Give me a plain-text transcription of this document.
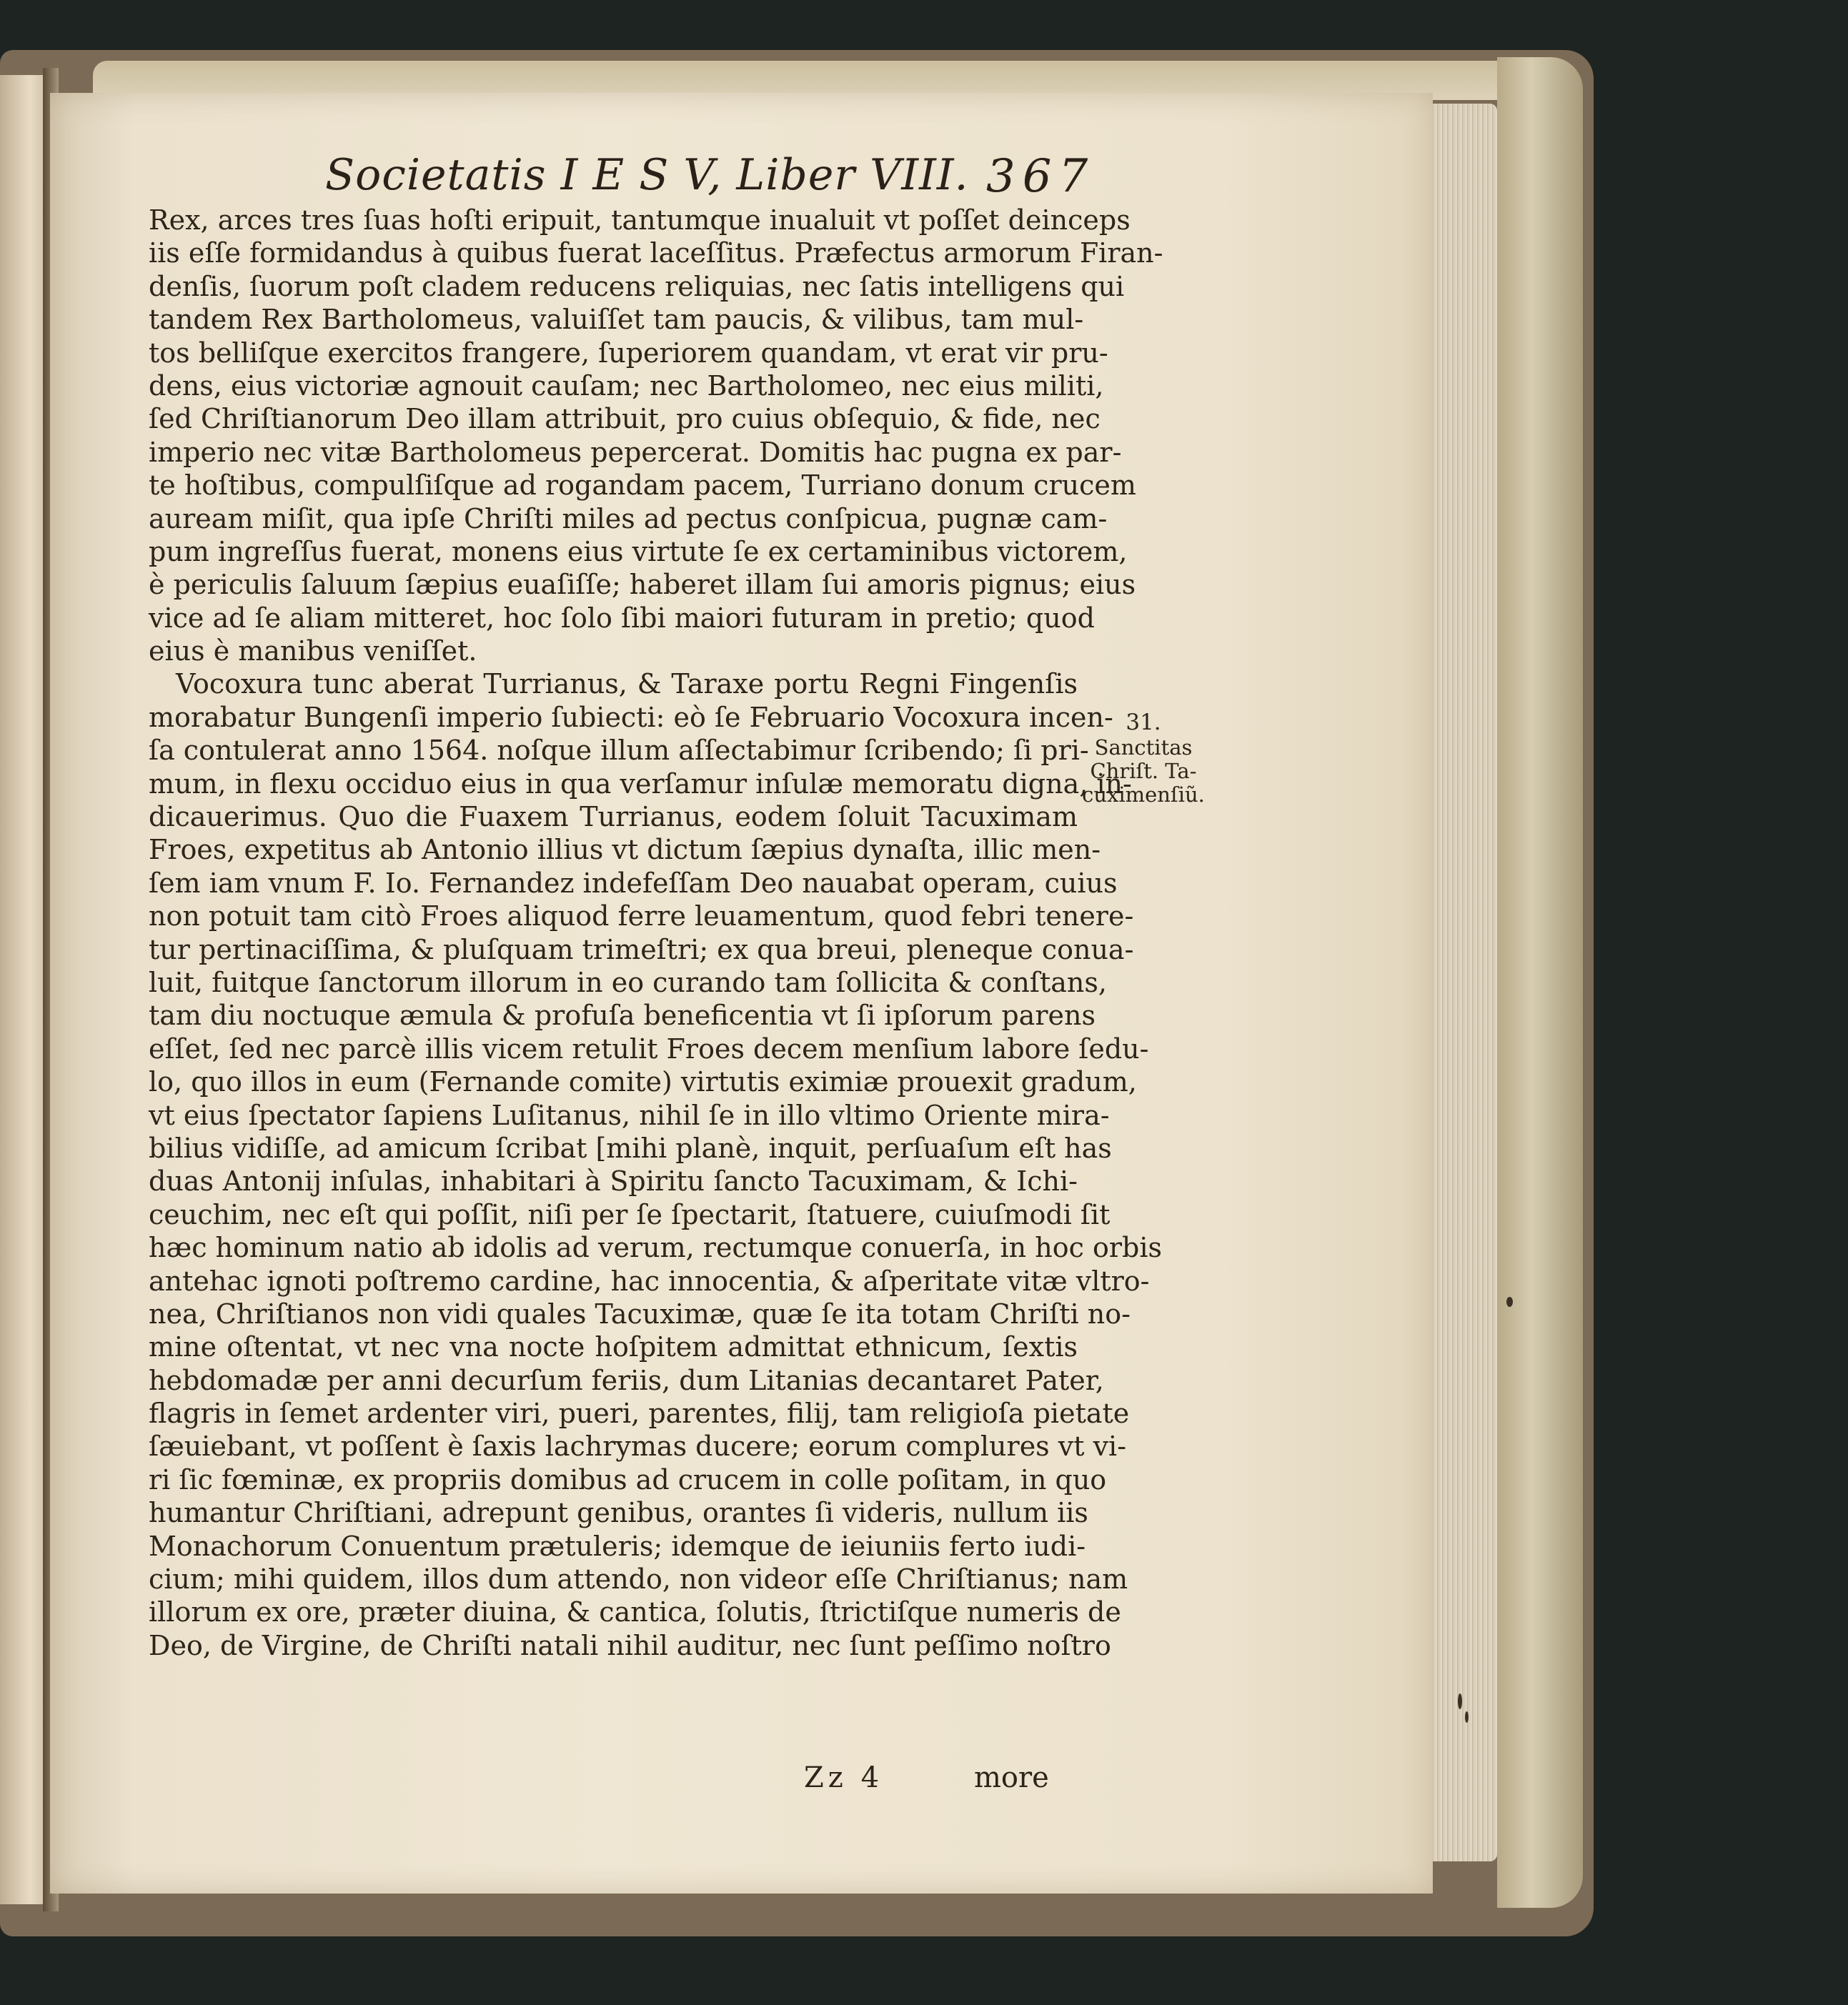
Societatis I E S V, Liber VIII. 367
Rex, arces tres ſuas hoſti eripuit, tantumque inualuit vt poſſet deinceps
iis eſſe formidandus à quibus fuerat laceſſitus. Præfectus armorum Firan-
denſis, ſuorum poſt cladem reducens reliquias, nec ſatis intelligens qui
tandem Rex Bartholomeus, valuiſſet tam paucis, & vilibus, tam mul-
tos belliſque exercitos frangere, ſuperiorem quandam, vt erat vir pru-
dens, eius victoriæ agnouit cauſam; nec Bartholomeo, nec eius militi,
ſed Chriſtianorum Deo illam attribuit, pro cuius obſequio, & fide, nec
imperio nec vitæ Bartholomeus pepercerat. Domitis hac pugna ex par-
te hoſtibus, compulſiſque ad rogandam pacem, Turriano donum crucem
auream miſit, qua ipſe Chriſti miles ad pectus conſpicua, pugnæ cam-
pum ingreſſus fuerat, monens eius virtute ſe ex certaminibus victorem,
è periculis ſaluum ſæpius euaſiſſe; haberet illam ſui amoris pignus; eius
vice ad ſe aliam mitteret, hoc ſolo ſibi maiori futuram in pretio; quod
eius è manibus veniſſet.
Vocoxura tunc aberat Turrianus, & Taraxe portu Regni Fingenſis
morabatur Bungenſi imperio ſubiecti: eò ſe Februario Vocoxura incen-
ſa contulerat anno 1564. noſque illum aſſectabimur ſcribendo; ſi pri-
mum, in flexu occiduo eius in qua verſamur inſulæ memoratu digna, in-
dicauerimus. Quo die Fuaxem Turrianus, eodem ſoluit Tacuximam
Froes, expetitus ab Antonio illius vt dictum ſæpius dynaſta, illic men-
ſem iam vnum F. Io. Fernandez indefeſſam Deo nauabat operam, cuius
non potuit tam citò Froes aliquod ferre leuamentum, quod febri tenere-
tur pertinaciſſima, & pluſquam trimeſtri; ex qua breui, pleneque conua-
luit, fuitque ſanctorum illorum in eo curando tam ſollicita & conſtans,
tam diu noctuque æmula & profuſa beneficentia vt ſi ipſorum parens
eſſet, ſed nec parcè illis vicem retulit Froes decem menſium labore ſedu-
lo, quo illos in eum (Fernande comite) virtutis eximiæ prouexit gradum,
vt eius ſpectator ſapiens Luſitanus, nihil ſe in illo vltimo Oriente mira-
bilius vidiſſe, ad amicum ſcribat [mihi planè, inquit, perſuaſum eſt has
duas Antonij inſulas, inhabitari à Spiritu ſancto Tacuximam, & Ichi-
ceuchim, nec eſt qui poſſit, niſi per ſe ſpectarit, ſtatuere, cuiuſmodi ſit
hæc hominum natio ab idolis ad verum, rectumque conuerſa, in hoc orbis
antehac ignoti poſtremo cardine, hac innocentia, & aſperitate vitæ vltro-
nea, Chriſtianos non vidi quales Tacuximæ, quæ ſe ita totam Chriſti no-
mine oſtentat, vt nec vna nocte hoſpitem admittat ethnicum, ſextis
hebdomadæ per anni decurſum feriis, dum Litanias decantaret Pater,
flagris in ſemet ardenter viri, pueri, parentes, filij, tam religioſa pietate
ſæuiebant, vt poſſent è ſaxis lachrymas ducere; eorum complures vt vi-
ri ſic fœminæ, ex propriis domibus ad crucem in colle poſitam, in quo
humantur Chriſtiani, adrepunt genibus, orantes ſi videris, nullum iis
Monachorum Conuentum prætuleris; idemque de ieiuniis ferto iudi-
cium; mihi quidem, illos dum attendo, non videor eſſe Chriſtianus; nam
illorum ex ore, præter diuina, & cantica, ſolutis, ſtrictiſque numeris de
Deo, de Virgine, de Chriſti natali nihil auditur, nec ſunt peſſimo noſtro
31.
Sanctitas
Chriſt. Ta-
cuximenſiũ.
Zz 4	more
